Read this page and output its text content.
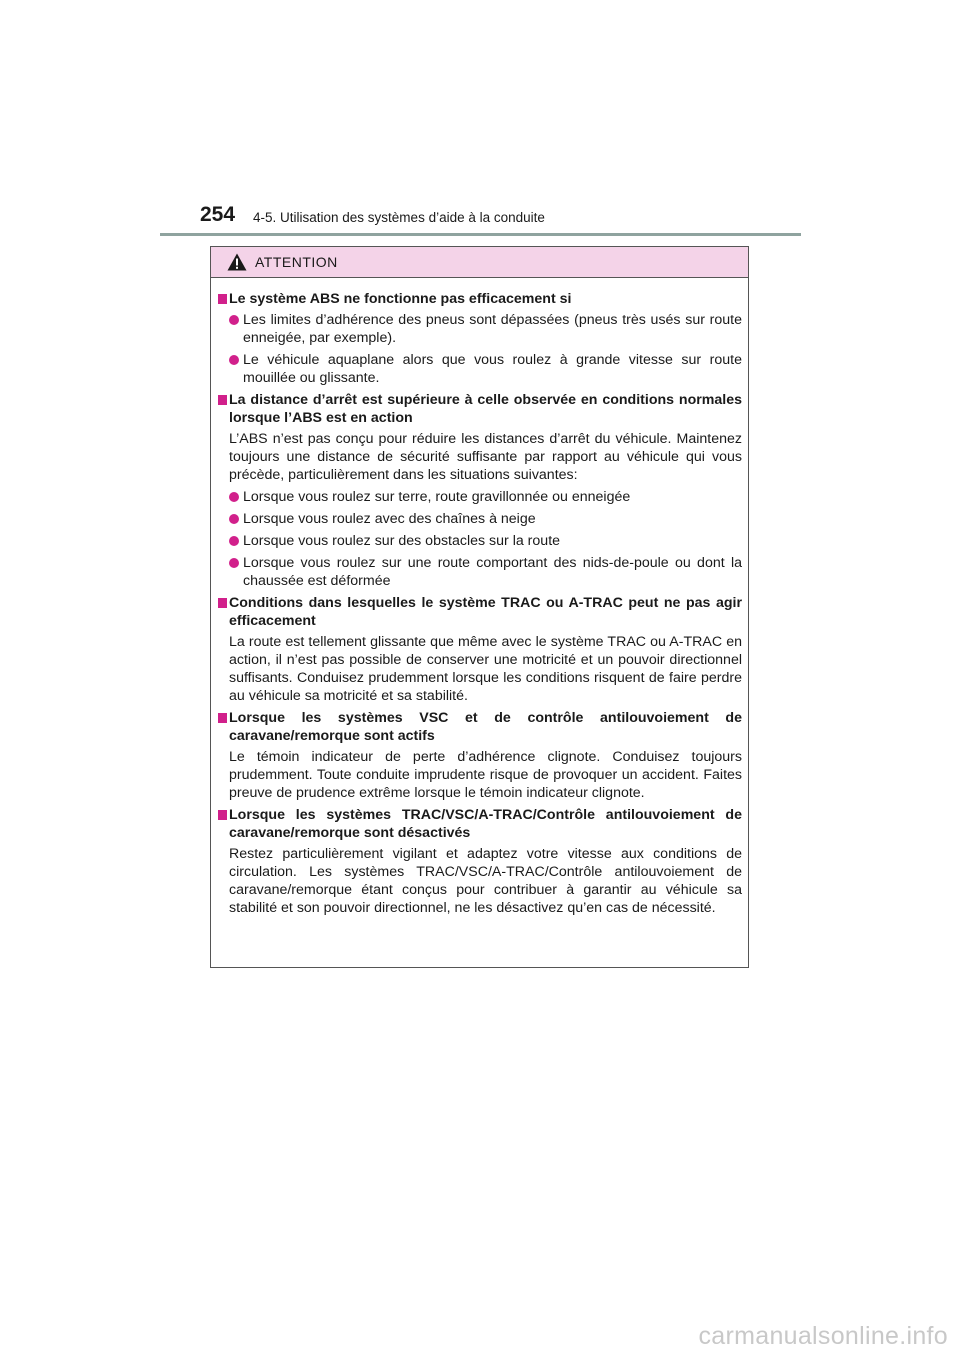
254 4-5. Utilisation des systèmes d’aide à la conduite
ATTENTION
Le système ABS ne fonctionne pas efficacement si
Les limites d’adhérence des pneus sont dépassées (pneus très usés sur route enneigée, par exemple).
Le véhicule aquaplane alors que vous roulez à grande vitesse sur route mouillée ou glissante.
La distance d’arrêt est supérieure à celle observée en conditions normales lorsque l’ABS est en action
L’ABS n’est pas conçu pour réduire les distances d’arrêt du véhicule. Maintenez toujours une distance de sécurité suffisante par rapport au véhicule qui vous précède, particulièrement dans les situations suivantes:
Lorsque vous roulez sur terre, route gravillonnée ou enneigée
Lorsque vous roulez avec des chaînes à neige
Lorsque vous roulez sur des obstacles sur la route
Lorsque vous roulez sur une route comportant des nids-de-poule ou dont la chaussée est déformée
Conditions dans lesquelles le système TRAC ou A-TRAC peut ne pas agir efficacement
La route est tellement glissante que même avec le système TRAC ou A-TRAC en action, il n’est pas possible de conserver une motricité et un pouvoir directionnel suffisants. Conduisez prudemment lorsque les conditions risquent de faire perdre au véhicule sa motricité et sa stabilité.
Lorsque les systèmes VSC et de contrôle antilouvoiement de caravane/remorque sont actifs
Le témoin indicateur de perte d’adhérence clignote. Conduisez toujours prudemment. Toute conduite imprudente risque de provoquer un accident. Faites preuve de prudence extrême lorsque le témoin indicateur clignote.
Lorsque les systèmes TRAC/VSC/A-TRAC/Contrôle antilouvoiement de caravane/remorque sont désactivés
Restez particulièrement vigilant et adaptez votre vitesse aux conditions de circulation. Les systèmes TRAC/VSC/A-TRAC/Contrôle antilouvoiement de caravane/remorque étant conçus pour contribuer à garantir au véhicule sa stabilité et son pouvoir directionnel, ne les désactivez qu’en cas de nécessité.
carmanualsonline.info
